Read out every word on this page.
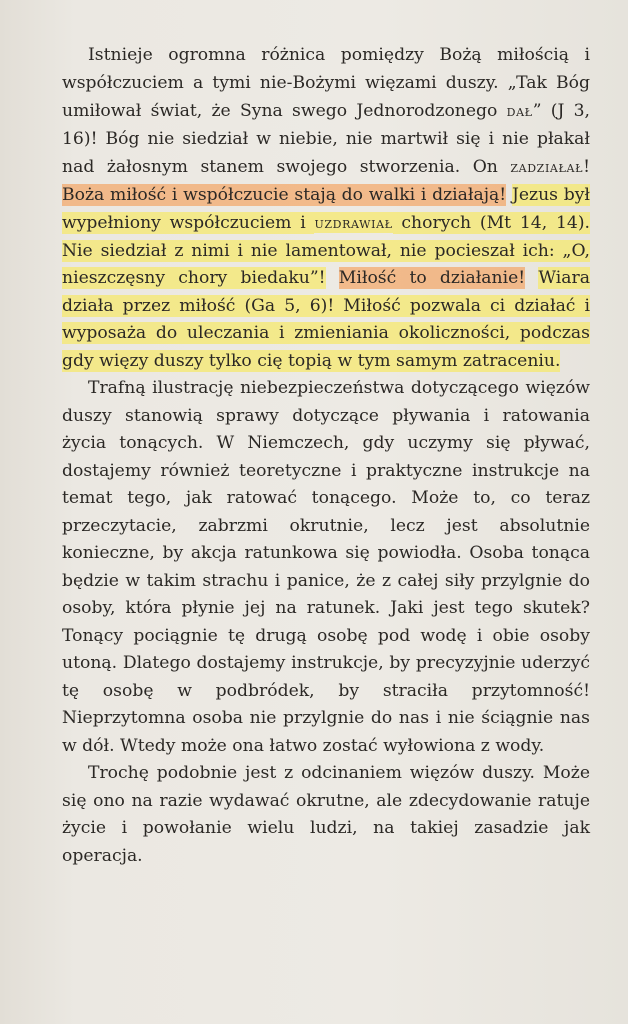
Istnieje ogromna różnica pomiędzy Bożą miłością i współczuciem a tymi nie-Bożymi więzami duszy. „Tak Bóg umiłował świat, że Syna swego Jednorodzonego dał” (J 3, 16)! Bóg nie siedział w niebie, nie martwił się i nie płakał nad żałosnym stanem swojego stworzenia. On zadziałał! Boża miłość i współczucie stają do walki i działają! Jezus był wypełniony współczuciem i uzdrawiał chorych (Mt 14, 14). Nie siedział z nimi i nie lamentował, nie pocieszał ich: „O, nieszczęsny chory biedaku”! Miłość to działanie! Wiara działa przez miłość (Ga 5, 6)! Miłość pozwala ci działać i wyposaża do uleczania i zmieniania okoliczności, podczas gdy więzy duszy tylko cię topią w tym samym zatraceniu.

Trafną ilustrację niebezpieczeństwa dotyczącego więzów duszy stanowią sprawy dotyczące pływania i ratowania życia tonących. W Niemczech, gdy uczymy się pływać, dostajemy również teoretyczne i praktyczne instrukcje na temat tego, jak ratować tonącego. Może to, co teraz przeczytacie, zabrzmi okrutnie, lecz jest absolutnie konieczne, by akcja ratunkowa się powiodła. Osoba tonąca będzie w takim strachu i panice, że z całej siły przylgnie do osoby, która płynie jej na ratunek. Jaki jest tego skutek? Tonący pociągnie tę drugą osobę pod wodę i obie osoby utoną. Dlatego dostajemy instrukcje, by precyzyjnie uderzyć tę osobę w podbródek, by straciła przytomność! Nieprzytomna osoba nie przylgnie do nas i nie ściągnie nas w dół. Wtedy może ona łatwo zostać wyłowiona z wody.

Trochę podobnie jest z odcinaniem więzów duszy. Może się ono na razie wydawać okrutne, ale zdecydowanie ratuje życie i powołanie wielu ludzi, na takiej zasadzie jak operacja.
